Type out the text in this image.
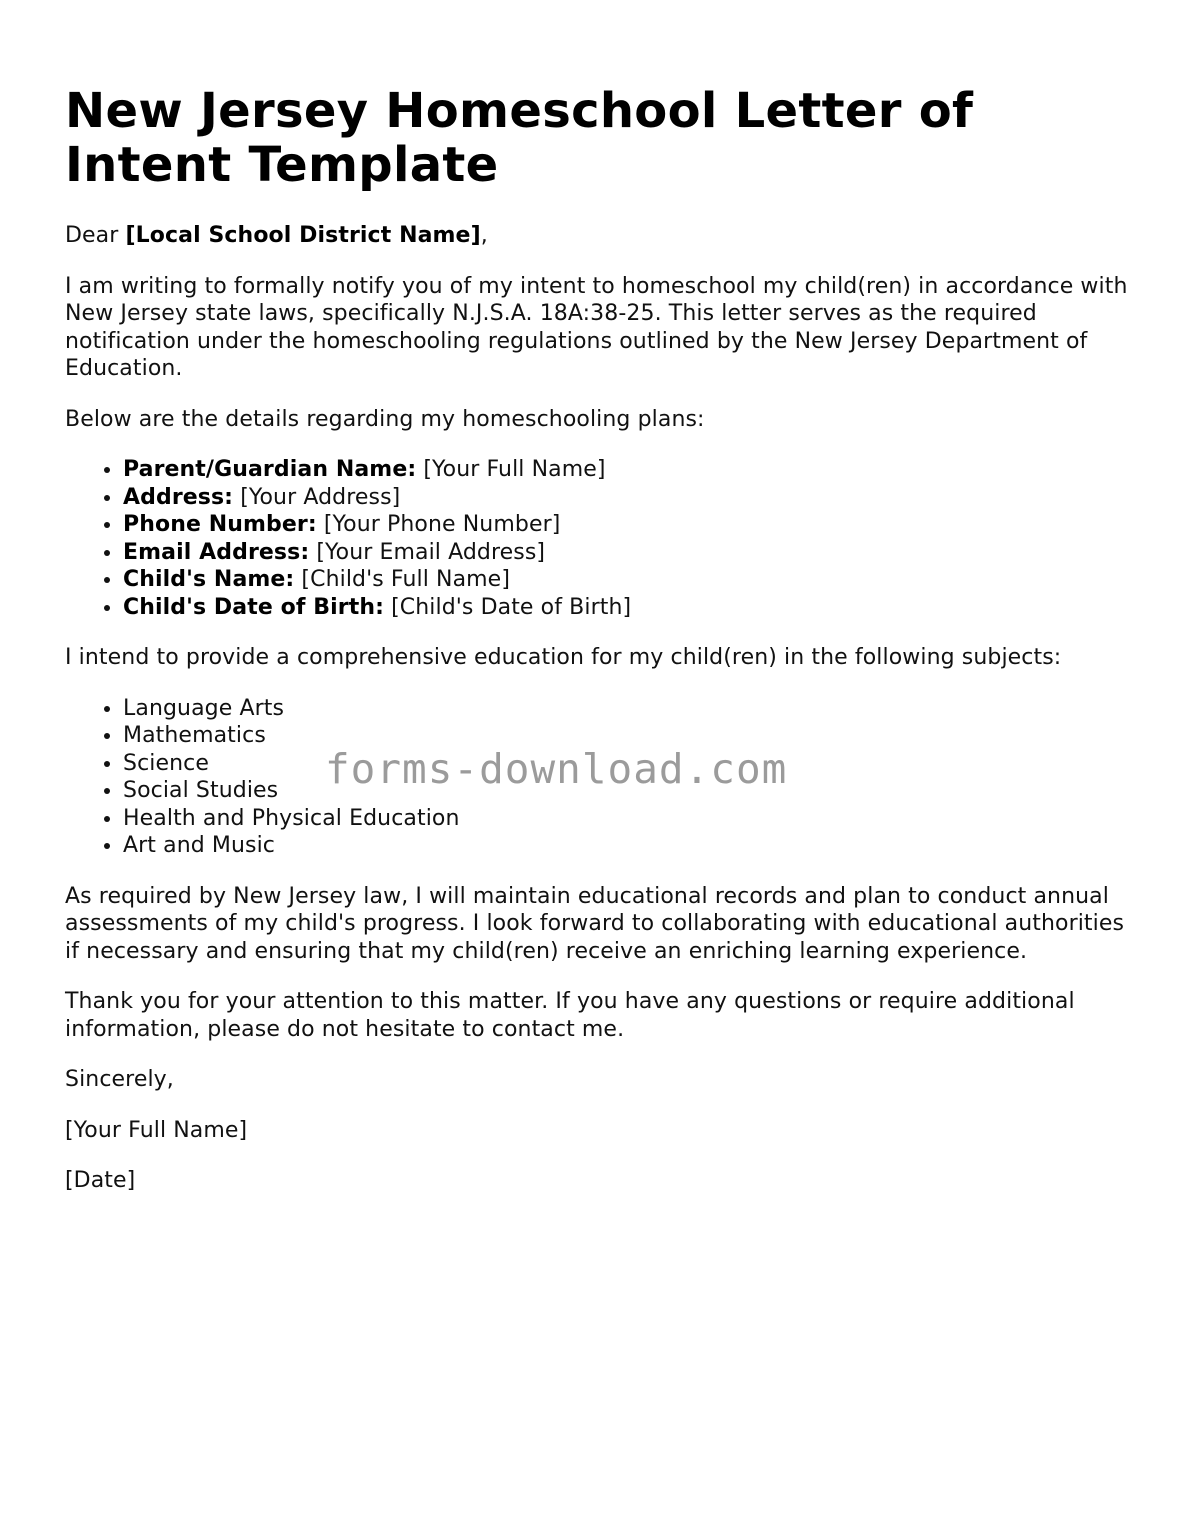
New Jersey Homeschool Letter of Intent Template

Dear [Local School District Name],

I am writing to formally notify you of my intent to homeschool my child(ren) in accordance with New Jersey state laws, specifically N.J.S.A. 18A:38-25. This letter serves as the required notification under the homeschooling regulations outlined by the New Jersey Department of Education.

Below are the details regarding my homeschooling plans:

• Parent/Guardian Name: [Your Full Name]
• Address: [Your Address]
• Phone Number: [Your Phone Number]
• Email Address: [Your Email Address]
• Child's Name: [Child's Full Name]
• Child's Date of Birth: [Child's Date of Birth]

I intend to provide a comprehensive education for my child(ren) in the following subjects:

• Language Arts
• Mathematics
• Science
• Social Studies
• Health and Physical Education
• Art and Music

As required by New Jersey law, I will maintain educational records and plan to conduct annual assessments of my child's progress. I look forward to collaborating with educational authorities if necessary and ensuring that my child(ren) receive an enriching learning experience.

Thank you for your attention to this matter. If you have any questions or require additional information, please do not hesitate to contact me.

Sincerely,

[Your Full Name]

[Date]

forms-download.com
